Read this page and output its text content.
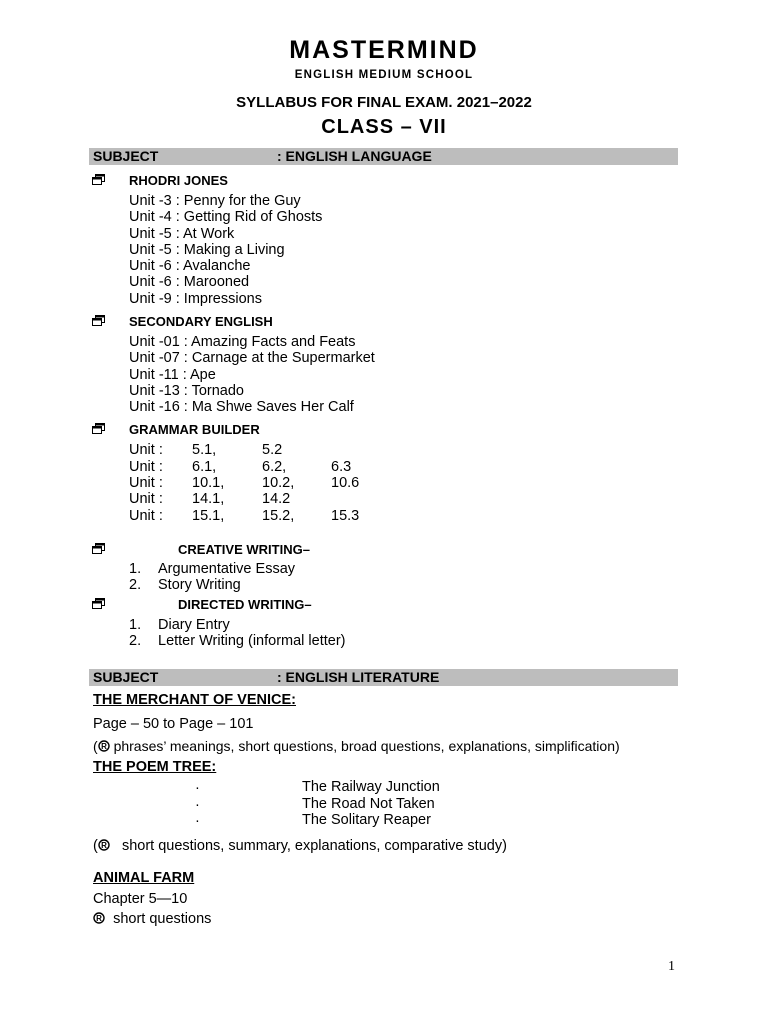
MASTERMIND
ENGLISH MEDIUM SCHOOL
SYLLABUS FOR FINAL EXAM. 2021–2022
CLASS – VII
SUBJECT	: ENGLISH LANGUAGE
RHODRI JONES
Unit -3 : Penny for the Guy
Unit -4 : Getting Rid of Ghosts
Unit -5 : At Work
Unit -5 : Making a Living
Unit -6 : Avalanche
Unit -6 : Marooned
Unit -9 : Impressions
SECONDARY ENGLISH
Unit -01 : Amazing Facts and Feats
Unit -07 : Carnage at the Supermarket
Unit -11 : Ape
Unit -13 : Tornado
Unit -16 : Ma Shwe Saves Her Calf
GRAMMAR BUILDER
Unit : 5.1,	5.2
Unit : 6.1,	6.2,	6.3
Unit : 10.1,	10.2,	10.6
Unit : 14.1,	14.2
Unit : 15.1,	15.2,	15.3
CREATIVE WRITING–
1. Argumentative Essay
2. Story Writing
DIRECTED WRITING–
1. Diary Entry
2. Letter Writing (informal letter)
SUBJECT	: ENGLISH LITERATURE
THE MERCHANT OF VENICE:
Page – 50 to Page – 101
( R phrases’ meanings, short questions, broad questions, explanations, simplification)
THE POEM TREE:
·	The Railway Junction
·	The Road Not Taken
·	The Solitary Reaper
( R short questions, summary, explanations, comparative study)
ANIMAL FARM
Chapter 5—10
R short questions
1
